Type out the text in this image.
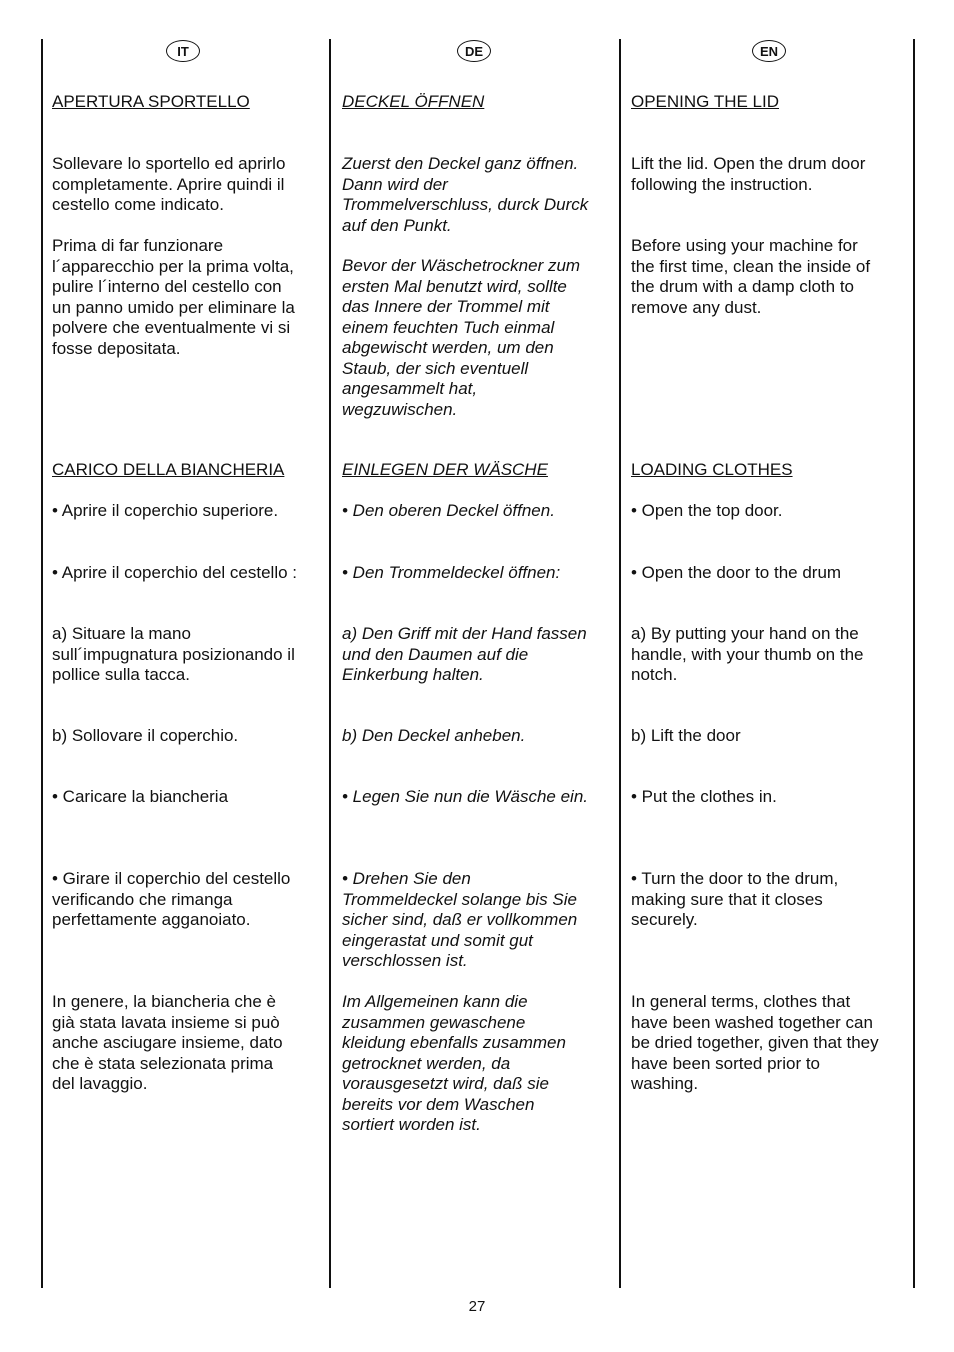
IT	DE	EN

APERTURA SPORTELLO

Sollevare lo sportello ed aprirlo
completamente. Aprire quindi il
cestello come indicato.

Prima di far funzionare
l´apparecchio per la prima volta,
pulire l´interno del cestello con
un panno umido per eliminare la
polvere che eventualmente vi si
fosse depositata.

CARICO DELLA BIANCHERIA

• Aprire il coperchio superiore.

• Aprire il coperchio del cestello :

a) Situare la mano
sull´impugnatura posizionando il
pollice sulla tacca.

b) Sollovare il coperchio.

• Caricare la biancheria

• Girare il coperchio del cestello
verificando che rimanga
perfettamente agganoiato.

In genere, la biancheria che è
già stata lavata insieme si può
anche asciugare insieme, dato
che è stata selezionata prima
del lavaggio.

DECKEL ÖFFNEN

Zuerst den Deckel ganz öffnen.
Dann wird der
Trommelverschluss, durck Durck
auf den Punkt.

Bevor der Wäschetrockner zum
ersten Mal benutzt wird, sollte
das Innere der Trommel mit
einem feuchten Tuch einmal
abgewischt werden, um den
Staub, der sich eventuell
angesammelt hat,
wegzuwischen.

EINLEGEN DER WÄSCHE

• Den oberen Deckel öffnen.

• Den Trommeldeckel öffnen:

a) Den Griff mit der Hand fassen
und den Daumen auf die
Einkerbung halten.

b) Den Deckel anheben.

• Legen Sie nun die Wäsche ein.

• Drehen Sie den
Trommeldeckel solange bis Sie
sicher sind, daß er vollkommen
eingerastat und somit gut
verschlossen ist.

Im Allgemeinen kann die
zusammen gewaschene
kleidung ebenfalls zusammen
getrocknet werden, da
vorausgesetzt wird, daß sie
bereits vor dem Waschen
sortiert worden ist.

OPENING THE LID

Lift the lid. Open the drum door
following the instruction.

Before using your machine for
the first time, clean the inside of
the drum with a damp cloth to
remove any dust.

LOADING CLOTHES

• Open the top door.

• Open the door to the drum

a) By putting your hand on the
handle, with your thumb on the
notch.

b) Lift the door

• Put the clothes in.

• Turn the door to the drum,
making sure that it closes
securely.

In general terms, clothes that
have been washed together can
be dried together, given that they
have been sorted prior to
washing.

27
